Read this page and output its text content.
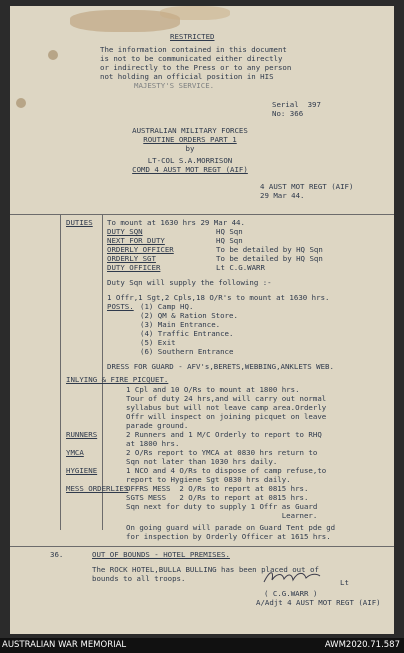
RESTRICTED
The information contained in this document
is not to be communicated either directly
or indirectly to the Press or to any person
not holding an official position in HIS
MAJESTY'S SERVICE.
Serial  397
No: 366
AUSTRALIAN MILITARY FORCES
ROUTINE ORDERS PART 1
by
LT-COL S.A.MORRISON
COMD 4 AUST MOT REGT (AIF)
4 AUST MOT REGT (AIF)
29 Mar 44.
DUTIES To mount at 1630 hrs 29 Mar 44.
DUTY SQN	HQ Sqn
NEXT FOR DUTY	HQ Sqn
ORDERLY OFFICER	To be detailed by HQ Sqn
ORDERLY SGT	To be detailed by HQ Sqn
DUTY OFFICER	Lt C.G.WARR
Duty Sqn will supply the following :-
1 Offr,1 Sgt,2 Cpls,18 O/R's to mount at 1630 hrs.
POSTS. (1) Camp HQ.
(2) QM & Ration Store.
(3) Main Entrance.
(4) Traffic Entrance.
(5) Exit
(6) Southern Entrance
DRESS FOR GUARD - AFV's,BERETS,WEBBING,ANKLETS WEB.
INLYING & FIRE PICQUET.
1 Cpl and 10 O/Rs to mount at 1800 hrs.
Tour of duty 24 hrs,and will carry out normal
syllabus but will not leave camp area.Orderly
Offr will inspect on joining picquet on leave
parade ground.
RUNNERS	2 Runners and 1 M/C Orderly to report to RHQ
at 1800 hrs.
YMCA	2 O/Rs report to YMCA at 0830 hrs return to
Sqn not later than 1030 hrs daily.
HYGIENE	1 NCO and 4 O/Rs to dispose of camp refuse,to
report to Hygiene Sgt 0830 hrs daily.
MESS ORDERLIES
OFFRS MESS  2 O/Rs to report at 0815 hrs.
SGTS MESS   2 O/Rs to report at 0815 hrs.
Sqn next for duty to supply 1 Offr as Guard
Learner.
On going guard will parade on Guard Tent pde gd
for inspection by Orderly Officer at 1615 hrs.
36.	OUT OF BOUNDS - HOTEL PREMISES.
The ROCK HOTEL,BULLA BULLING has been placed out of
bounds to all troops.	Lt
( C.G.WARR )
A/Adjt 4 AUST MOT REGT (AIF)
AUSTRALIAN WAR MEMORIAL	AWM2020.71.587
